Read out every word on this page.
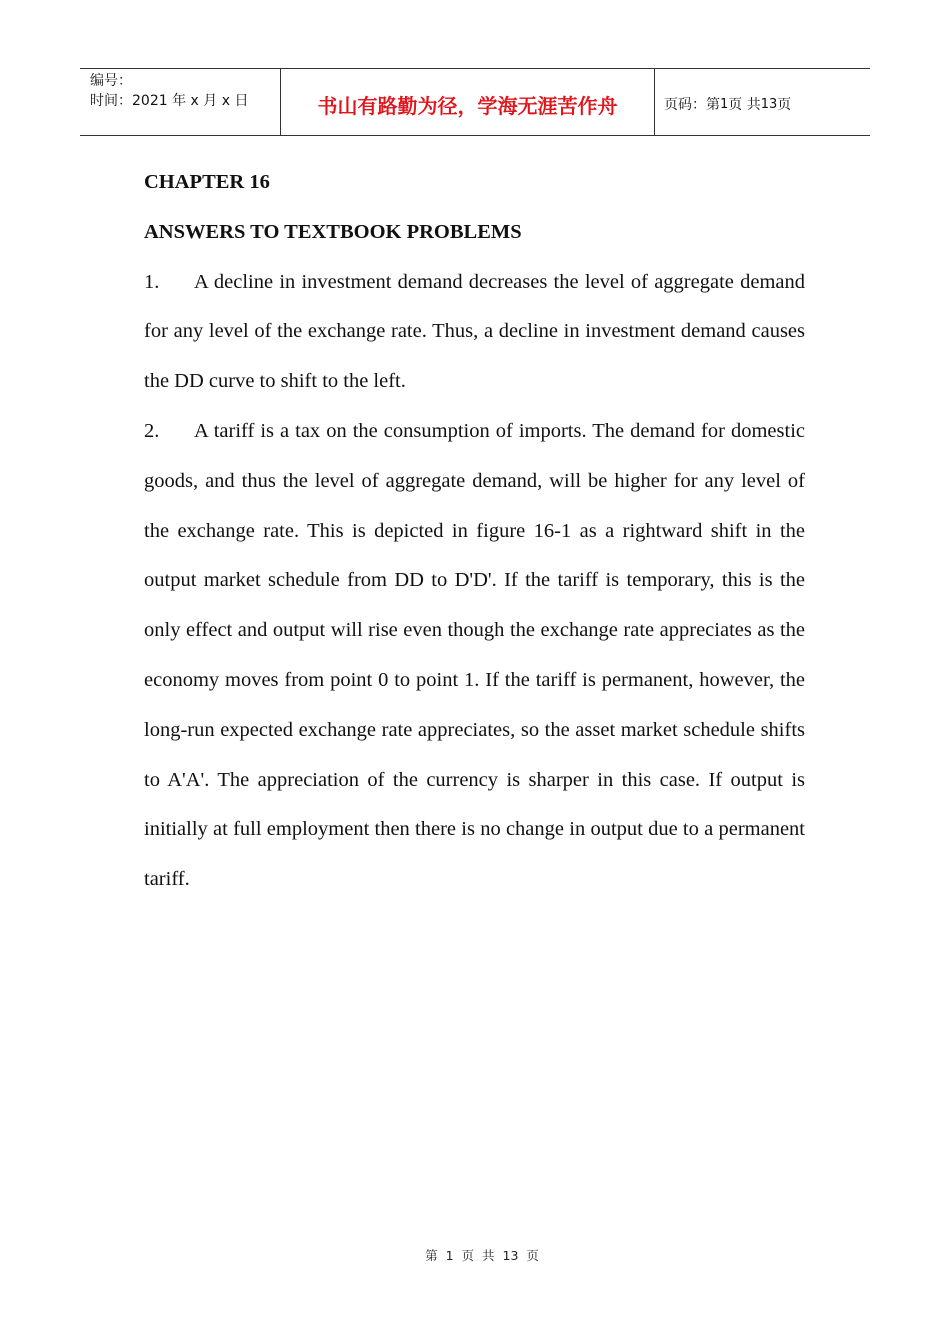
编号：
时间：2021 年 x 月 x 日	书山有路勤为径，学海无涯苦作舟	页码：第 1 页 共 13 页

CHAPTER 16

ANSWERS TO TEXTBOOK PROBLEMS

1. A decline in investment demand decreases the level of aggregate demand for any level of the exchange rate. Thus, a decline in investment demand causes the DD curve to shift to the left.

2. A tariff is a tax on the consumption of imports. The demand for domestic goods, and thus the level of aggregate demand, will be higher for any level of the exchange rate. This is depicted in figure 16-1 as a rightward shift in the output market schedule from DD to D'D'. If the tariff is temporary, this is the only effect and output will rise even though the exchange rate appreciates as the economy moves from point 0 to point 1. If the tariff is permanent, however, the long-run expected exchange rate appreciates, so the asset market schedule shifts to A'A'. The appreciation of the currency is sharper in this case. If output is initially at full employment then there is no change in output due to a permanent tariff.

第 1 页 共 13 页
